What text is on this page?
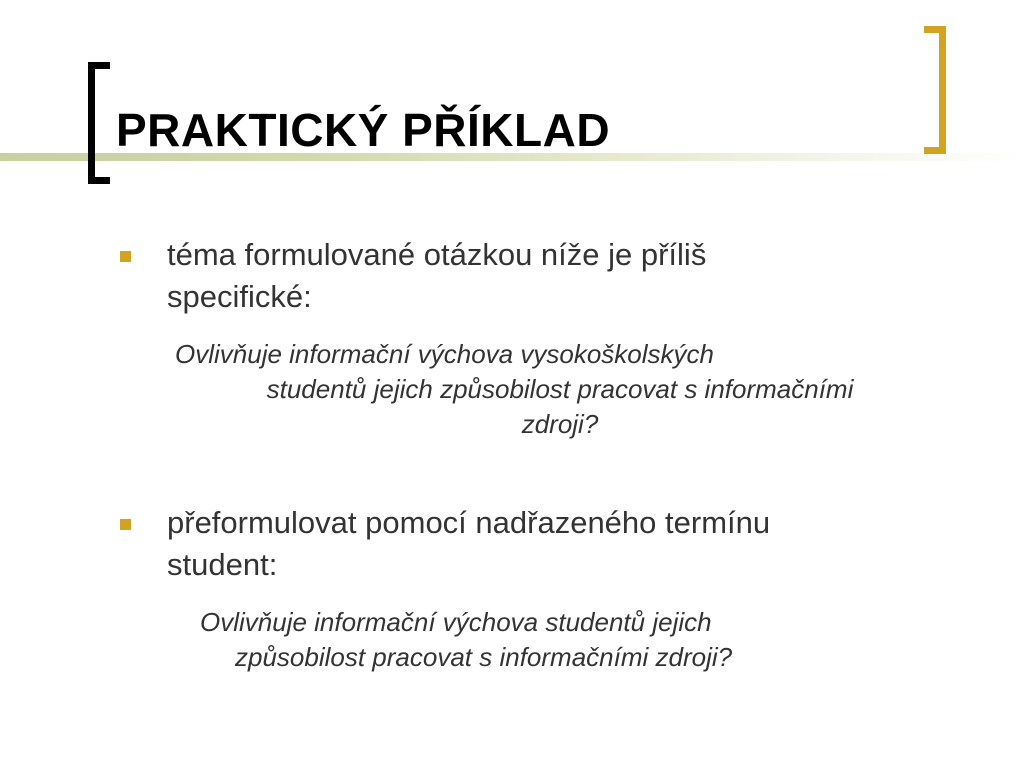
PRAKTICKÝ PŘÍKLAD

téma formulované otázkou níže je příliš
specifické:

Ovlivňuje informační výchova vysokoškolských
studentů jejich způsobilost pracovat s informačními
zdroji?

přeformulovat pomocí nadřazeného termínu
student:

Ovlivňuje informační výchova studentů jejich
způsobilost pracovat s informačními zdroji?
